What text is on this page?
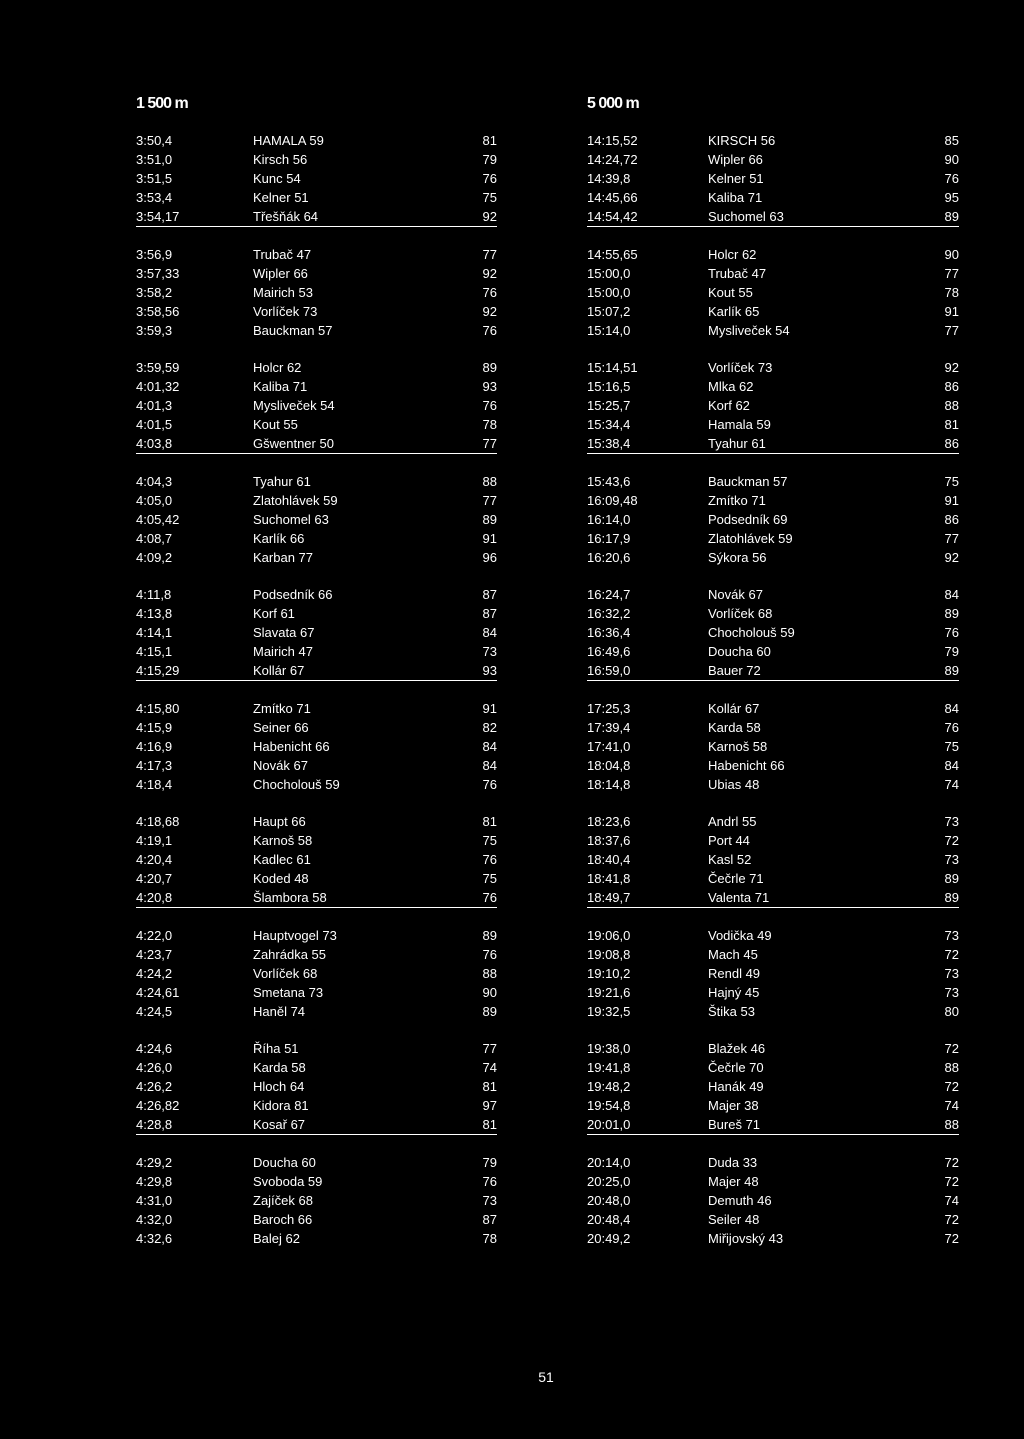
1 500 m
3:50,4	HAMALA 59	81
3:51,0	Kirsch 56	79
3:51,5	Kunc 54	76
3:53,4	Kelner 51	75
3:54,17	Třešňák 64	92
3:56,9	Trubač 47	77
3:57,33	Wipler 66	92
3:58,2	Mairich 53	76
3:58,56	Vorlíček 73	92
3:59,3	Bauckman 57	76
3:59,59	Holcr 62	89
4:01,32	Kaliba 71	93
4:01,3	Myslivеček 54	76
4:01,5	Kout 55	78
4:03,8	Gšwentner 50	77
4:04,3	Tyahur 61	88
4:05,0	Zlatohlávek 59	77
4:05,42	Suchomel 63	89
4:08,7	Karlík 66	91
4:09,2	Karban 77	96
4:11,8	Podsedník 66	87
4:13,8	Korf 61	87
4:14,1	Slavata 67	84
4:15,1	Mairich 47	73
4:15,29	Kollár 67	93
4:15,80	Zmítko 71	91
4:15,9	Seiner 66	82
4:16,9	Habenicht 66	84
4:17,3	Novák 67	84
4:18,4	Chocholouš 59	76
4:18,68	Haupt 66	81
4:19,1	Karnoš 58	75
4:20,4	Kadlec 61	76
4:20,7	Koded 48	75
4:20,8	Šlambora 58	76
4:22,0	Hauptvogel 73	89
4:23,7	Zahrádka 55	76
4:24,2	Vorlíček 68	88
4:24,61	Smetana 73	90
4:24,5	Haněl 74	89
4:24,6	Říha 51	77
4:26,0	Karda 58	74
4:26,2	Hloch 64	81
4:26,82	Kidora 81	97
4:28,8	Kosař 67	81
4:29,2	Doucha 60	79
4:29,8	Svoboda 59	76
4:31,0	Zajíček 68	73
4:32,0	Baroch 66	87
4:32,6	Balej 62	78
5 000 m
14:15,52	KIRSCH 56	85
14:24,72	Wipler 66	90
14:39,8	Kelner 51	76
14:45,66	Kaliba 71	95
14:54,42	Suchomel 63	89
14:55,65	Holcr 62	90
15:00,0	Trubač 47	77
15:00,0	Kout 55	78
15:07,2	Karlík 65	91
15:14,0	Myslivеček 54	77
15:14,51	Vorlíček 73	92
15:16,5	Mlka 62	86
15:25,7	Korf 62	88
15:34,4	Hamala 59	81
15:38,4	Tyahur 61	86
15:43,6	Bauckman 57	75
16:09,48	Zmítko 71	91
16:14,0	Podsedník 69	86
16:17,9	Zlatohlávek 59	77
16:20,6	Sýkora 56	92
16:24,7	Novák 67	84
16:32,2	Vorlíček 68	89
16:36,4	Chocholouš 59	76
16:49,6	Doucha 60	79
16:59,0	Bauer 72	89
17:25,3	Kollár 67	84
17:39,4	Karda 58	76
17:41,0	Karnoš 58	75
18:04,8	Habenicht 66	84
18:14,8	Ubias 48	74
18:23,6	Andrl 55	73
18:37,6	Port 44	72
18:40,4	Kasl 52	73
18:41,8	Čečrle 71	89
18:49,7	Valenta 71	89
19:06,0	Vodička 49	73
19:08,8	Mach 45	72
19:10,2	Rendl 49	73
19:21,6	Hajný 45	73
19:32,5	Štika 53	80
19:38,0	Blažek 46	72
19:41,8	Čečrle 70	88
19:48,2	Hanák 49	72
19:54,8	Majer 38	74
20:01,0	Bureš 71	88
20:14,0	Duda 33	72
20:25,0	Majer 48	72
20:48,0	Demuth 46	74
20:48,4	Seiler 48	72
20:49,2	Miřijovský 43	72
51
